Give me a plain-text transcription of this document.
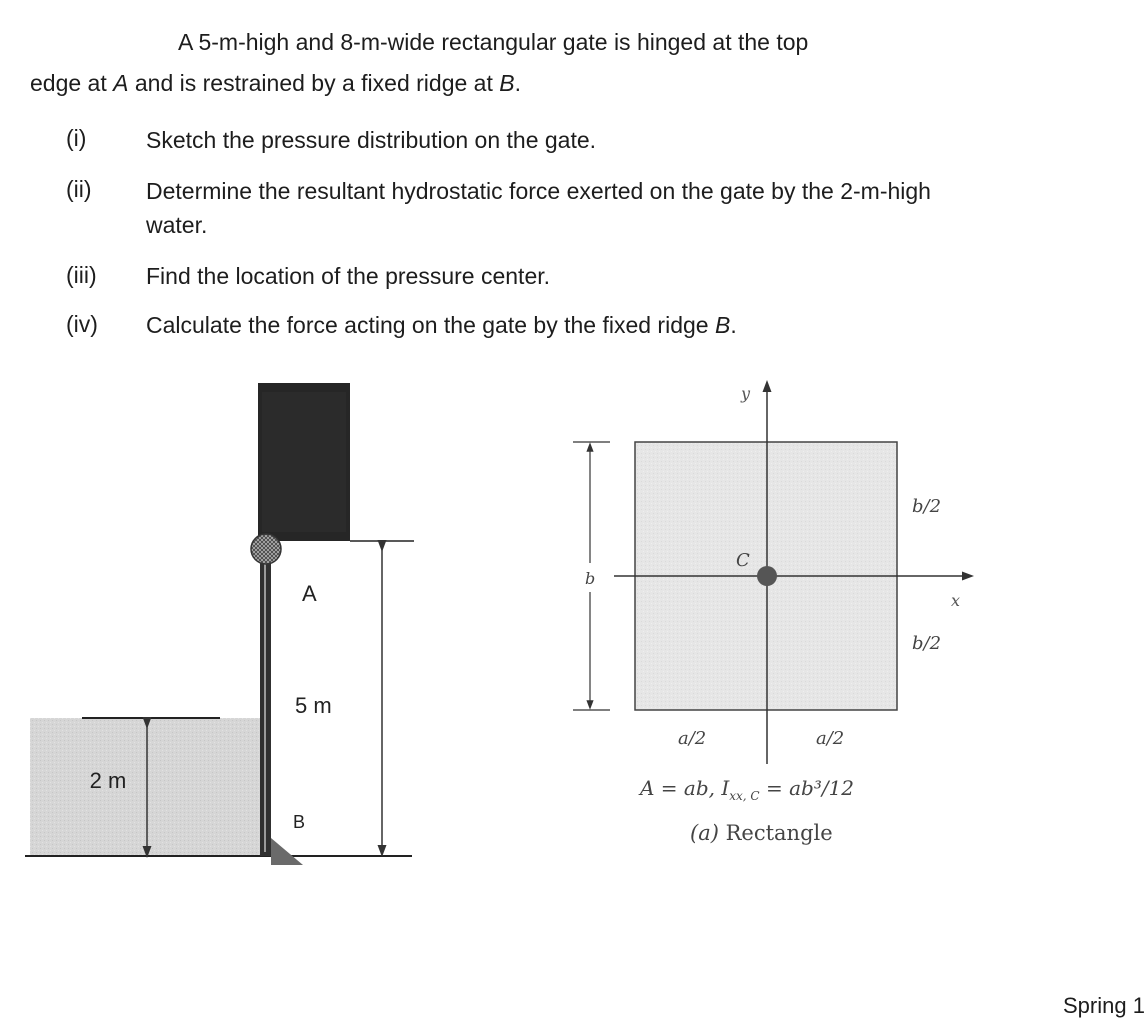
A 5-m-high and 8-m-wide rectangular gate is hinged at the top
edge at A and is restrained by a fixed ridge at B.
(i)	Sketch the pressure distribution on the gate.
(ii) Determine the resultant hydrostatic force exerted on the gate by the 2-m-high water.
(iii) Find the location of the pressure center.
(iv) Calculate the force acting on the gate by the fixed ridge B.
2 m
A
5 m
B
b
y
x
C
b/2
b/2
a/2	a/2
A = ab, $I_{xx, C} = ab^3/12$
(a) Rectangle
Spring 1
